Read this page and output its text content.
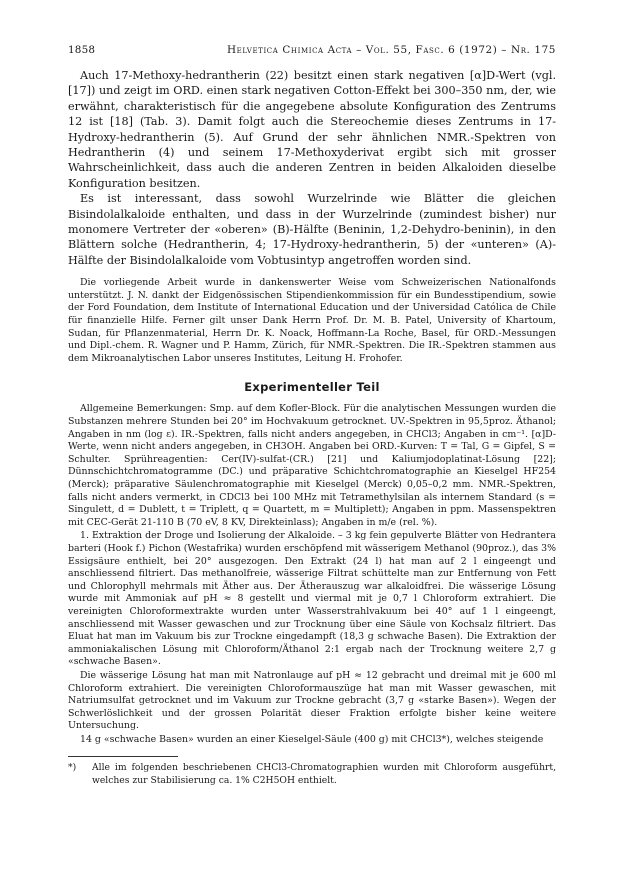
1858	Helvetica Chimica Acta – Vol. 55, Fasc. 6 (1972) – Nr. 175

Auch 17-Methoxy-hedrantherin (22) besitzt einen stark negativen [α]D-Wert (vgl. [17]) und zeigt im ORD. einen stark negativen Cotton-Effekt bei 300–350 nm, der, wie erwähnt, charakteristisch für die angegebene absolute Konfiguration des Zentrums 12 ist [18] (Tab. 3). Damit folgt auch die Stereochemie dieses Zentrums in 17-Hydroxy-hedrantherin (5). Auf Grund der sehr ähnlichen NMR.-Spektren von Hedrantherin (4) und seinem 17-Methoxyderivat ergibt sich mit grosser Wahrscheinlichkeit, dass auch die anderen Zentren in beiden Alkaloiden dieselbe Konfiguration besitzen.

Es ist interessant, dass sowohl Wurzelrinde wie Blätter die gleichen Bisindolalkaloide enthalten, und dass in der Wurzelrinde (zumindest bisher) nur monomere Vertreter der «oberen» (B)-Hälfte (Beninin, 1,2-Dehydro-beninin), in den Blättern solche (Hedrantherin, 4; 17-Hydroxy-hedrantherin, 5) der «unteren» (A)-Hälfte der Bisindolalkaloide vom Vobtusintyp angetroffen worden sind.

Die vorliegende Arbeit wurde in dankenswerter Weise vom Schweizerischen Nationalfonds unterstützt. J. N. dankt der Eidgenössischen Stipendienkommission für ein Bundesstipendium, sowie der Ford Foundation, dem Institute of International Education und der Universidad Católica de Chile für finanzielle Hilfe. Ferner gilt unser Dank Herrn Prof. Dr. M. B. Patel, University of Khartoum, Sudan, für Pflanzenmaterial, Herrn Dr. K. Noack, Hoffmann-La Roche, Basel, für ORD.-Messungen und Dipl.-chem. R. Wagner und P. Hamm, Zürich, für NMR.-Spektren. Die IR.-Spektren stammen aus dem Mikroanalytischen Labor unseres Institutes, Leitung H. Frohofer.

Experimenteller Teil

Allgemeine Bemerkungen: Smp. auf dem Kofler-Block. Für die analytischen Messungen wurden die Substanzen mehrere Stunden bei 20° im Hochvakuum getrocknet. UV.-Spektren in 95,5proz. Äthanol; Angaben in nm (log ε). IR.-Spektren, falls nicht anders angegeben, in CHCl3; Angaben in cm⁻¹. [α]D-Werte, wenn nicht anders angegeben, in CH3OH. Angaben bei ORD.-Kurven: T = Tal, G = Gipfel, S = Schulter. Sprühreagentien: Cer(IV)-sulfat-(CR.) [21] und Kaliumjodoplatinat-Lösung [22]; Dünnschichtchromatogramme (DC.) und präparative Schichtchromatographie an Kieselgel HF254 (Merck); präparative Säulenchromatographie mit Kieselgel (Merck) 0,05–0,2 mm. NMR.-Spektren, falls nicht anders vermerkt, in CDCl3 bei 100 MHz mit Tetramethylsilan als internem Standard (s = Singulett, d = Dublett, t = Triplett, q = Quartett, m = Multiplett); Angaben in ppm. Massenspektren mit CEC-Gerät 21-110 B (70 eV, 8 KV, Direkteinlass); Angaben in m/e (rel. %).

1. Extraktion der Droge und Isolierung der Alkaloide. – 3 kg fein gepulverte Blätter von Hedrantera barteri (Hook f.) Pichon (Westafrika) wurden erschöpfend mit wässerigem Methanol (90proz.), das 3% Essigsäure enthielt, bei 20° ausgezogen. Den Extrakt (24 l) hat man auf 2 l eingeengt und anschliessend filtriert. Das methanolfreie, wässerige Filtrat schüttelte man zur Entfernung von Fett und Chlorophyll mehrmals mit Äther aus. Der Ätherauszug war alkaloidfrei. Die wässerige Lösung wurde mit Ammoniak auf pH ≈ 8 gestellt und viermal mit je 0,7 l Chloroform extrahiert. Die vereinigten Chloroformextrakte wurden unter Wasserstrahlvakuum bei 40° auf 1 l eingeengt, anschliessend mit Wasser gewaschen und zur Trocknung über eine Säule von Kochsalz filtriert. Das Eluat hat man im Vakuum bis zur Trockne eingedampft (18,3 g schwache Basen). Die Extraktion der ammoniakalischen Lösung mit Chloroform/Äthanol 2:1 ergab nach der Trocknung weitere 2,7 g «schwache Basen».

Die wässerige Lösung hat man mit Natronlauge auf pH ≈ 12 gebracht und dreimal mit je 600 ml Chloroform extrahiert. Die vereinigten Chloroformauszüge hat man mit Wasser gewaschen, mit Natriumsulfat getrocknet und im Vakuum zur Trockne gebracht (3,7 g «starke Basen»). Wegen der Schwerlöslichkeit und der grossen Polarität dieser Fraktion erfolgte bisher keine weitere Untersuchung.

14 g «schwache Basen» wurden an einer Kieselgel-Säule (400 g) mit CHCl3*), welches steigende

*)	Alle im folgenden beschriebenen CHCl3-Chromatographien wurden mit Chloroform ausgeführt, welches zur Stabilisierung ca. 1% C2H5OH enthielt.
